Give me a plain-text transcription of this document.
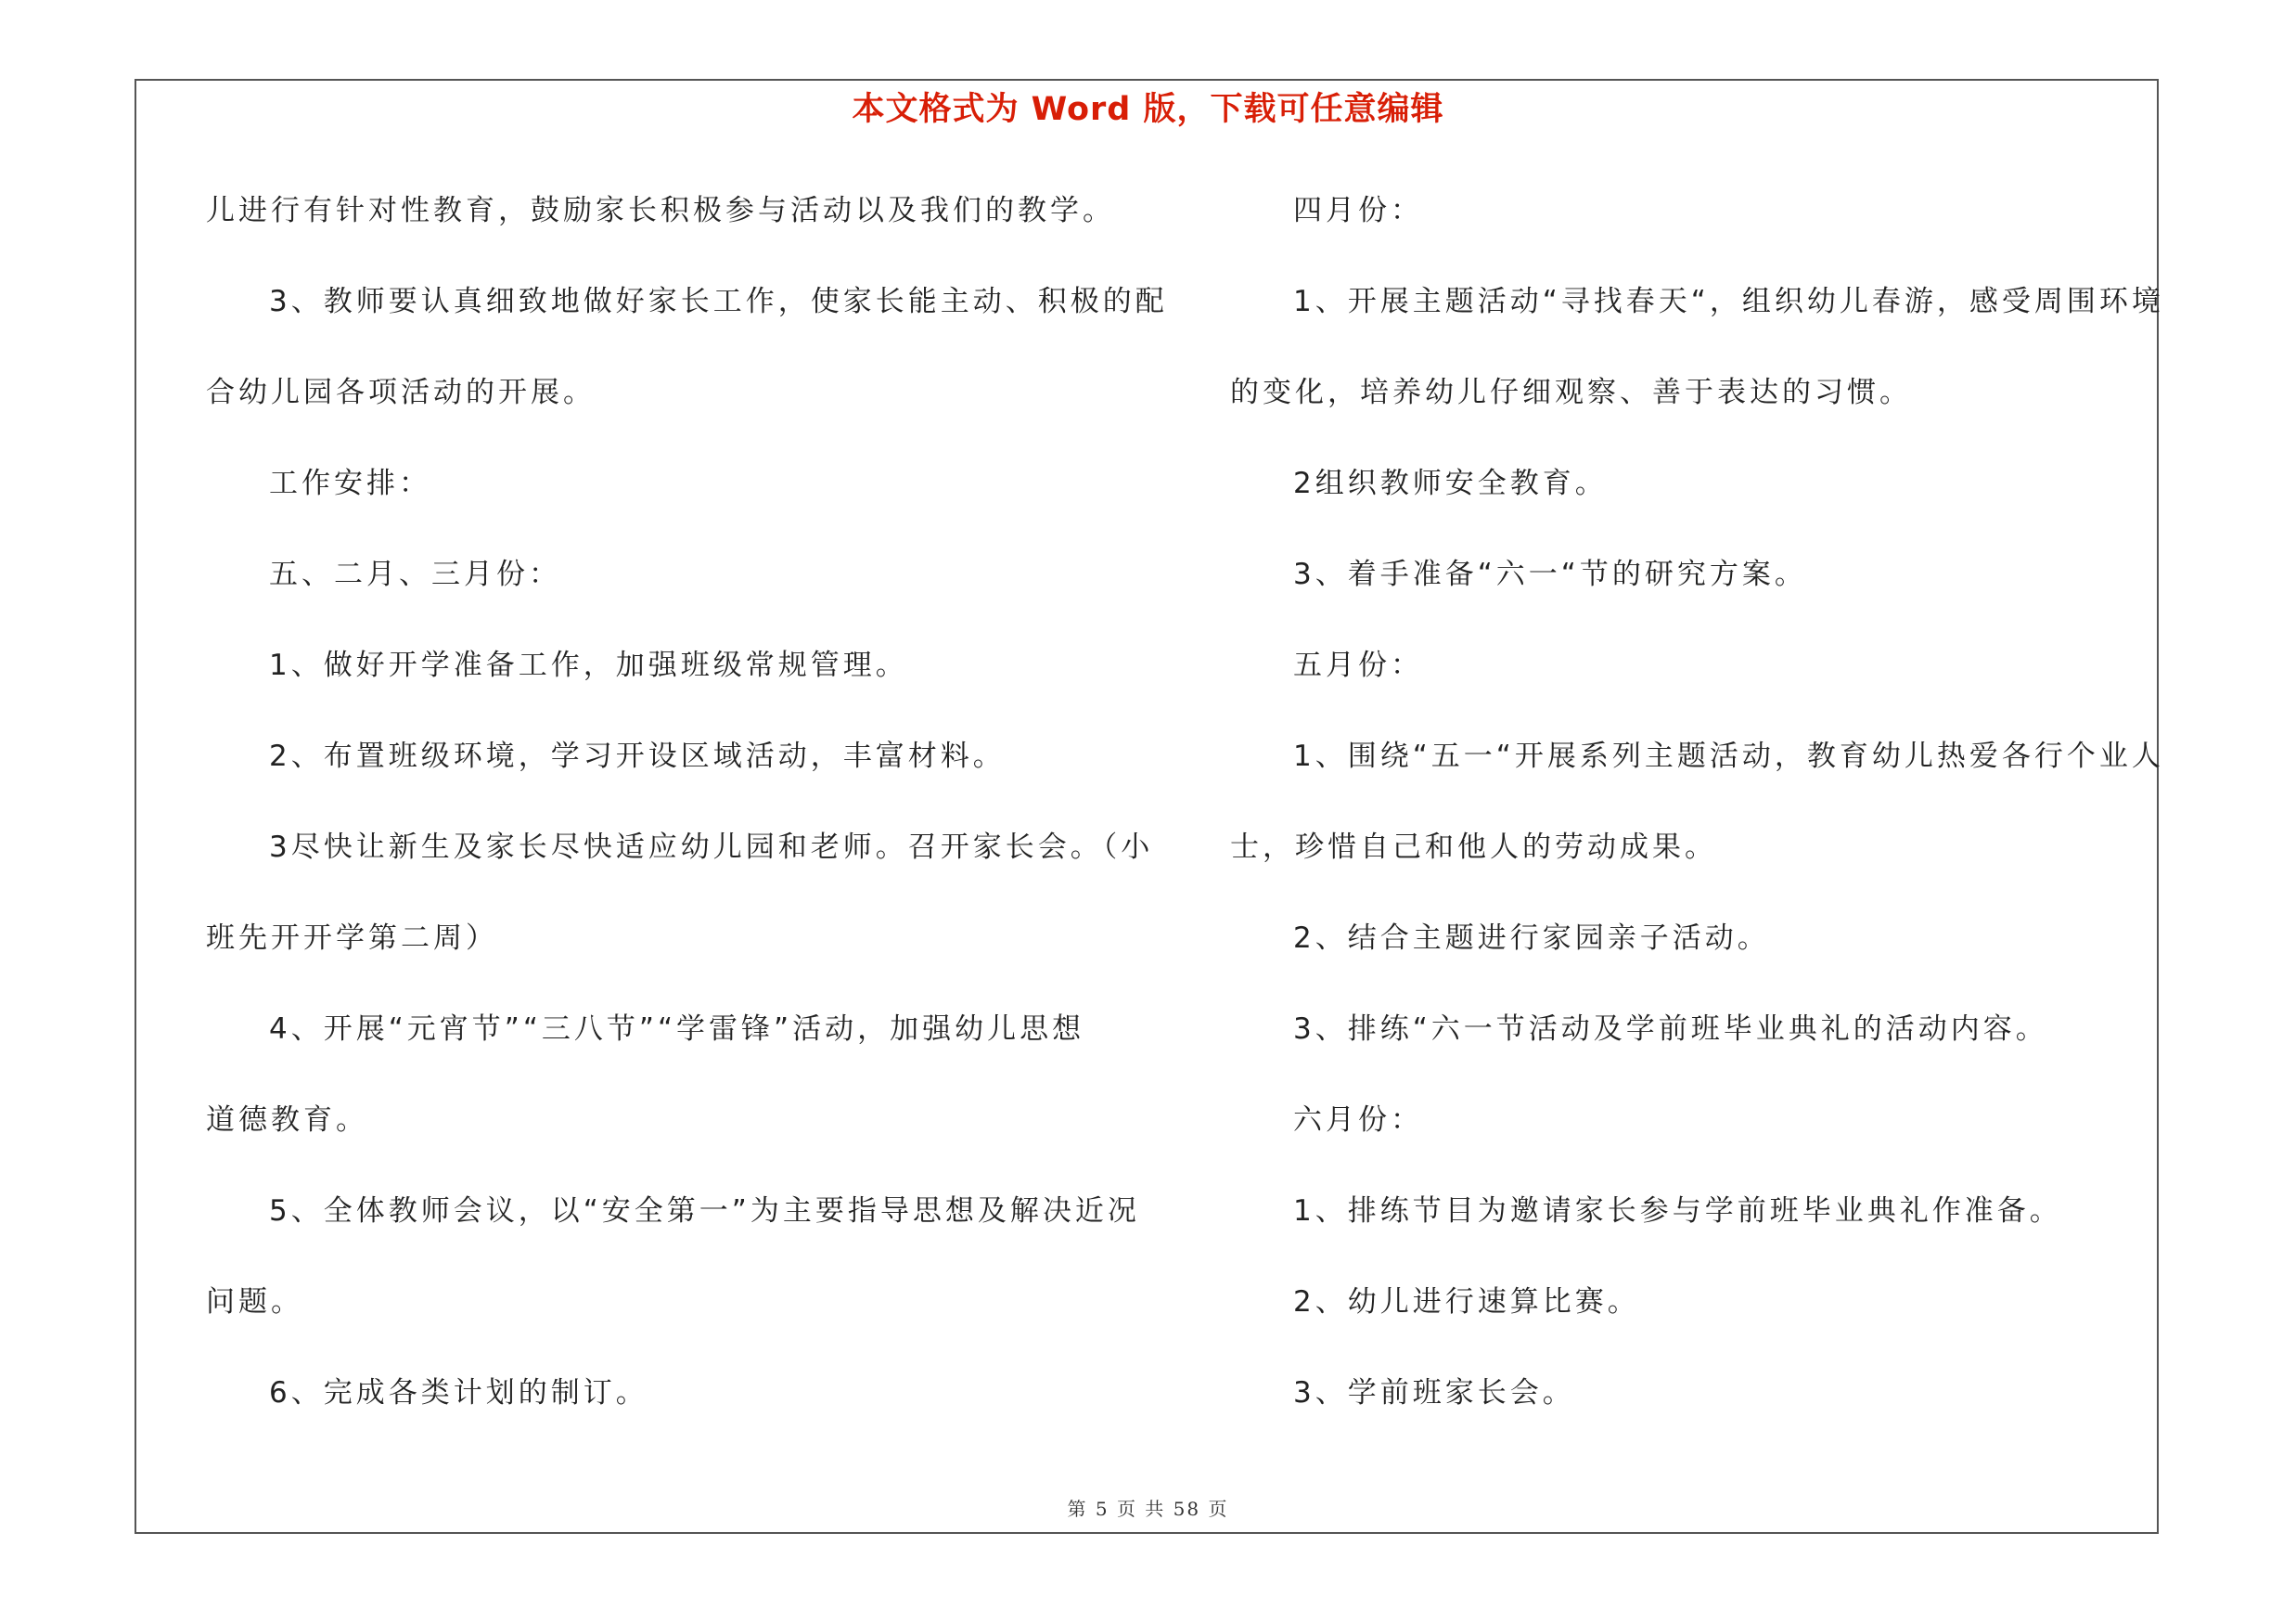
本文格式为 Word 版，下载可任意编辑
儿进行有针对性教育，鼓励家长积极参与活动以及我们的教学。
3、教师要认真细致地做好家长工作，使家长能主动、积极的配
合幼儿园各项活动的开展。
工作安排：
五、二月、三月份：
1、做好开学准备工作，加强班级常规管理。
2、布置班级环境，学习开设区域活动，丰富材料。
3尽快让新生及家长尽快适应幼儿园和老师。召开家长会。（小
班先开开学第二周）
4、开展“元宵节”“三八节”“学雷锋”活动，加强幼儿思想
道德教育。
5、全体教师会议，以“安全第一”为主要指导思想及解决近况
问题。
6、完成各类计划的制订。
四月份：
1、开展主题活动“寻找春天“，组织幼儿春游，感受周围环境
的变化，培养幼儿仔细观察、善于表达的习惯。
2组织教师安全教育。
3、着手准备“六一“节的研究方案。
五月份：
1、围绕“五一“开展系列主题活动，教育幼儿热爱各行个业人
士，珍惜自己和他人的劳动成果。
2、结合主题进行家园亲子活动。
3、排练“六一节活动及学前班毕业典礼的活动内容。
六月份：
1、排练节目为邀请家长参与学前班毕业典礼作准备。
2、幼儿进行速算比赛。
3、学前班家长会。
第 5 页 共 58 页
